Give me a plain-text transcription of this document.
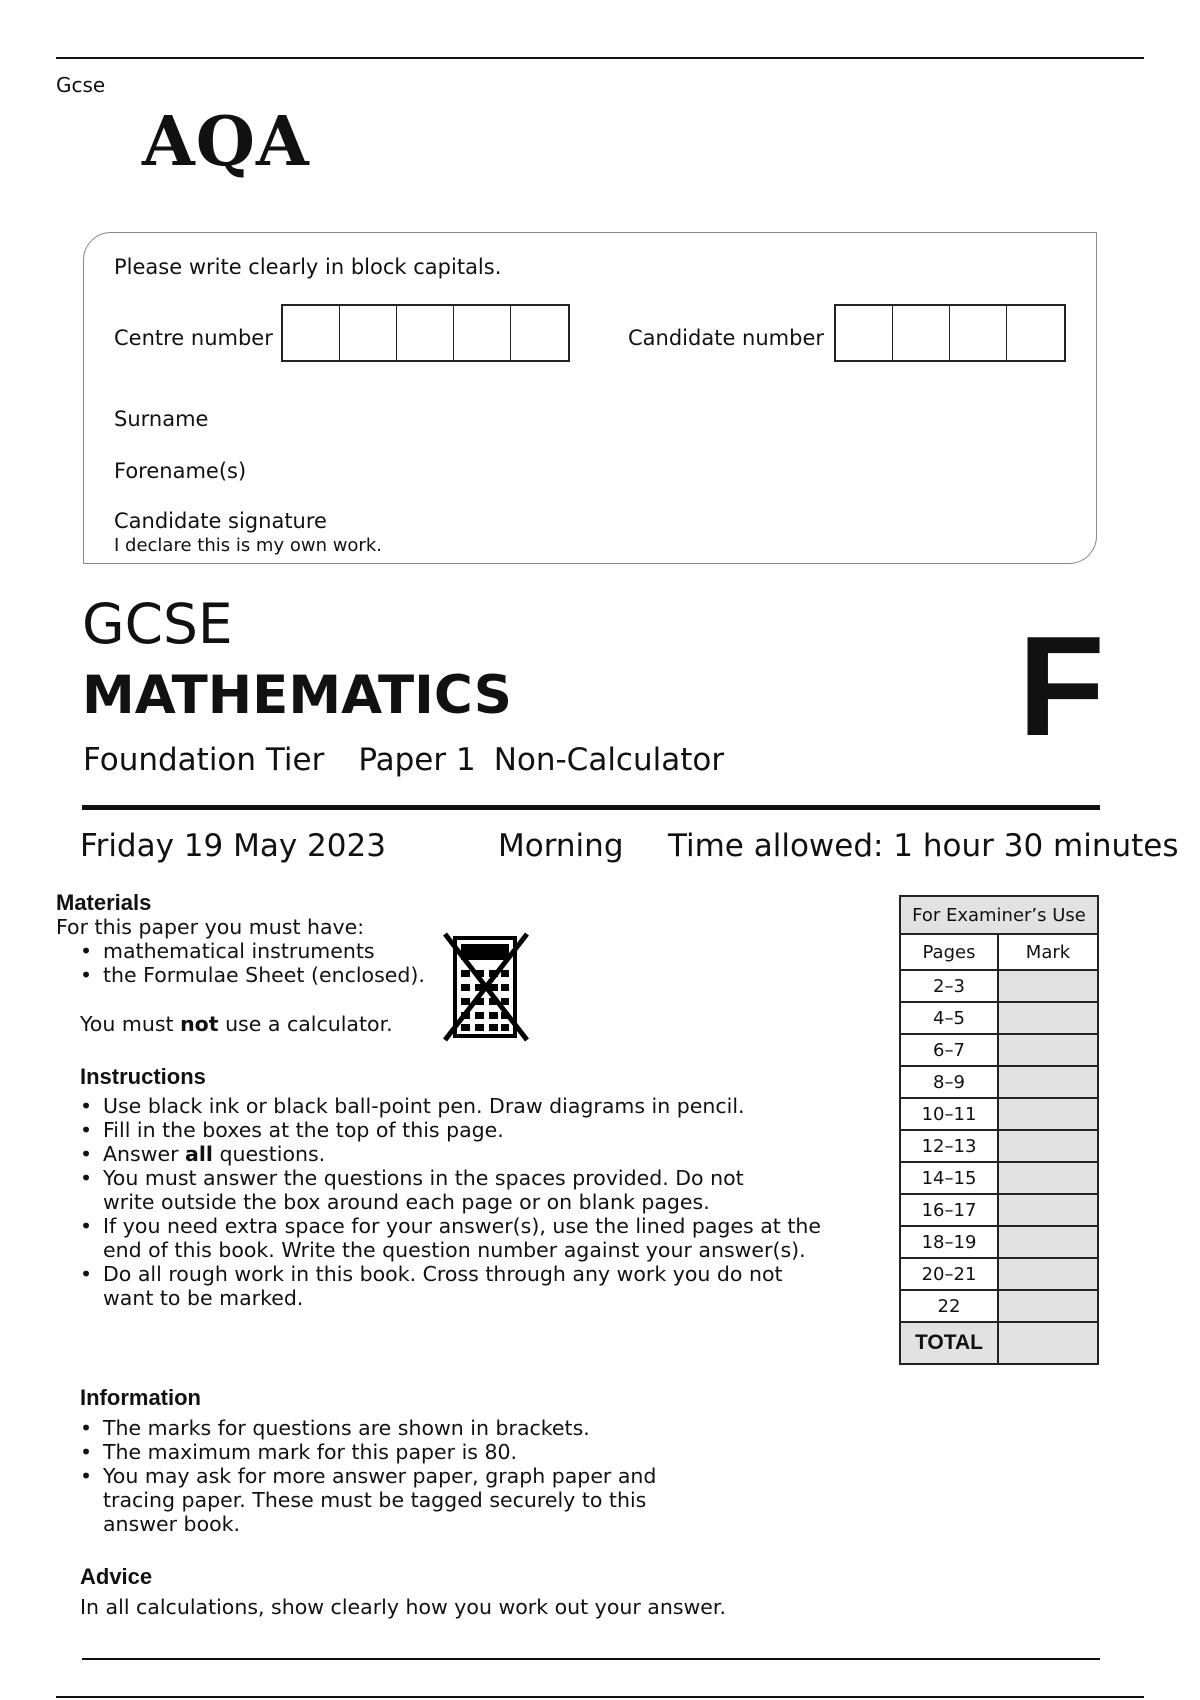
Gcse
AQA
Please write clearly in block capitals.
Centre number	Candidate number
Surname
Forename(s)
Candidate signature
I declare this is my own work.
GCSE
MATHEMATICS
Foundation Tier Paper 1 Non-Calculator F
Friday 19 May 2023	Morning Time allowed: 1 hour 30 minutes
Materials
For this paper you must have:
• mathematical instruments
• the Formulae Sheet (enclosed).
You must not use a calculator.
Instructions
• Use black ink or black ball-point pen. Draw diagrams in pencil.
• Fill in the boxes at the top of this page.
• Answer all questions.
• You must answer the questions in the spaces provided. Do not write outside the box around each page or on blank pages.
• If you need extra space for your answer(s), use the lined pages at the end of this book. Write the question number against your answer(s).
• Do all rough work in this book. Cross through any work you do not want to be marked.
Information
• The marks for questions are shown in brackets.
• The maximum mark for this paper is 80.
• You may ask for more answer paper, graph paper and tracing paper. These must be tagged securely to this answer book.
Advice
In all calculations, show clearly how you work out your answer.
For Examiner’s Use	
Pages	Mark
2–3	
4–5	
6–7	
8–9	
10–11	
12–13	
14–15	
16–17	
18–19	
20–21	
22	
TOTAL	
